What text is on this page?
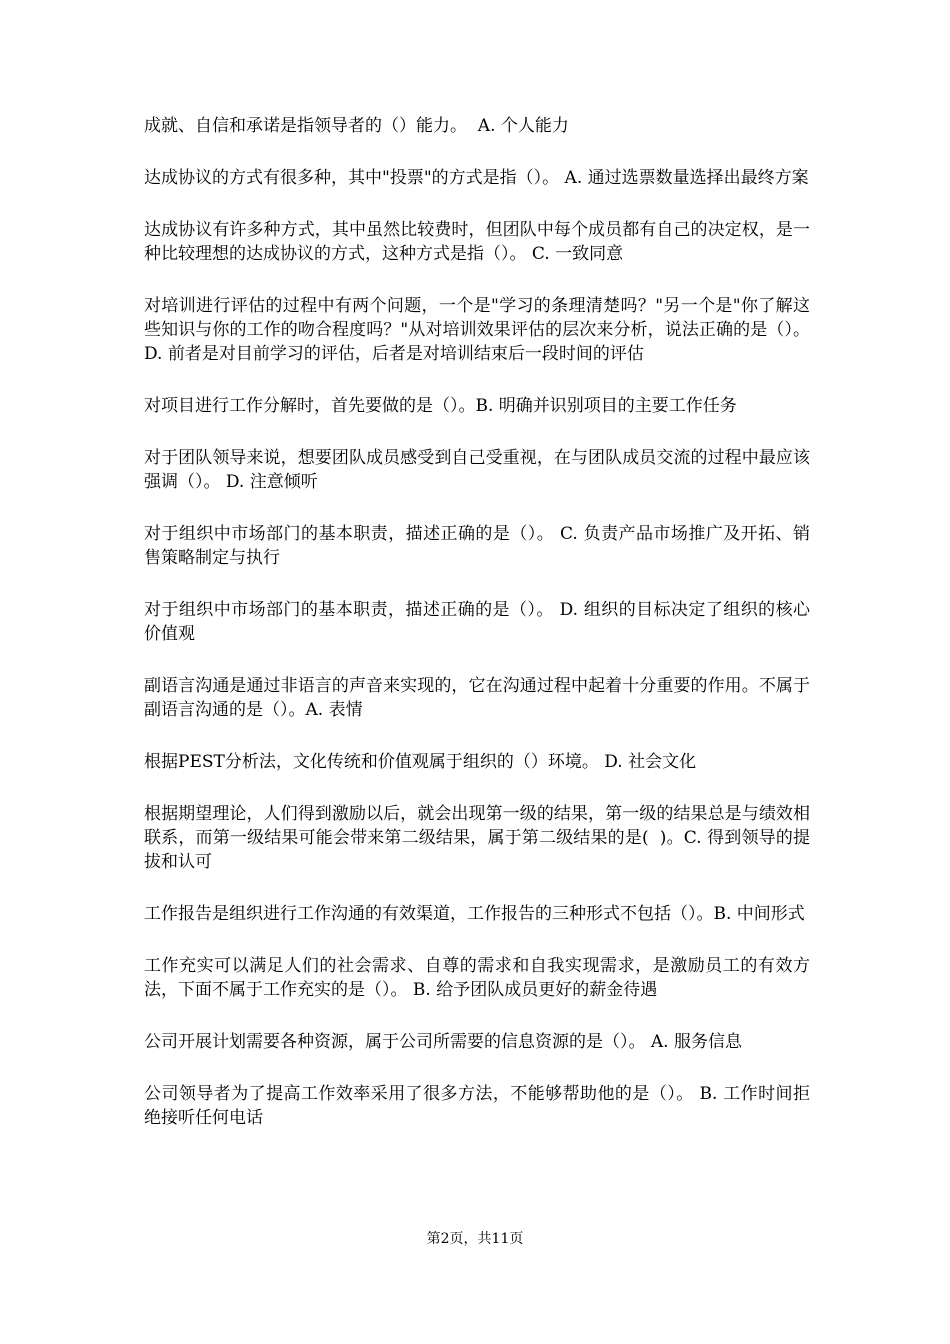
成就、自信和承诺是指领导者的（）能力。  A. 个人能力

达成协议的方式有很多种，其中"投票"的方式是指（）。 A. 通过选票数量选择出最终方案

达成协议有许多种方式，其中虽然比较费时，但团队中每个成员都有自己的决定权，是一种比较理想的达成协议的方式，这种方式是指（）。 C. 一致同意

对培训进行评估的过程中有两个问题，一个是"学习的条理清楚吗？"另一个是"你了解这些知识与你的工作的吻合程度吗？"从对培训效果评估的层次来分析，说法正确的是（）。 D. 前者是对目前学习的评估，后者是对培训结束后一段时间的评估

对项目进行工作分解时，首先要做的是（）。B. 明确并识别项目的主要工作任务

对于团队领导来说，想要团队成员感受到自己受重视，在与团队成员交流的过程中最应该强调（）。 D. 注意倾听

对于组织中市场部门的基本职责，描述正确的是（）。 C. 负责产品市场推广及开拓、销售策略制定与执行

对于组织中市场部门的基本职责，描述正确的是（）。 D. 组织的目标决定了组织的核心价值观

副语言沟通是通过非语言的声音来实现的，它在沟通过程中起着十分重要的作用。不属于副语言沟通的是（）。A. 表情

根据PEST分析法，文化传统和价值观属于组织的（）环境。 D. 社会文化

根据期望理论，人们得到激励以后，就会出现第一级的结果，第一级的结果总是与绩效相联系，而第一级结果可能会带来第二级结果，属于第二级结果的是(  )。C. 得到领导的提拔和认可

工作报告是组织进行工作沟通的有效渠道，工作报告的三种形式不包括（）。B. 中间形式

工作充实可以满足人们的社会需求、自尊的需求和自我实现需求，是激励员工的有效方法，下面不属于工作充实的是（）。 B. 给予团队成员更好的薪金待遇

公司开展计划需要各种资源，属于公司所需要的信息资源的是（）。 A. 服务信息

公司领导者为了提高工作效率采用了很多方法，不能够帮助他的是（）。 B. 工作时间拒绝接听任何电话

第2页，共11页
